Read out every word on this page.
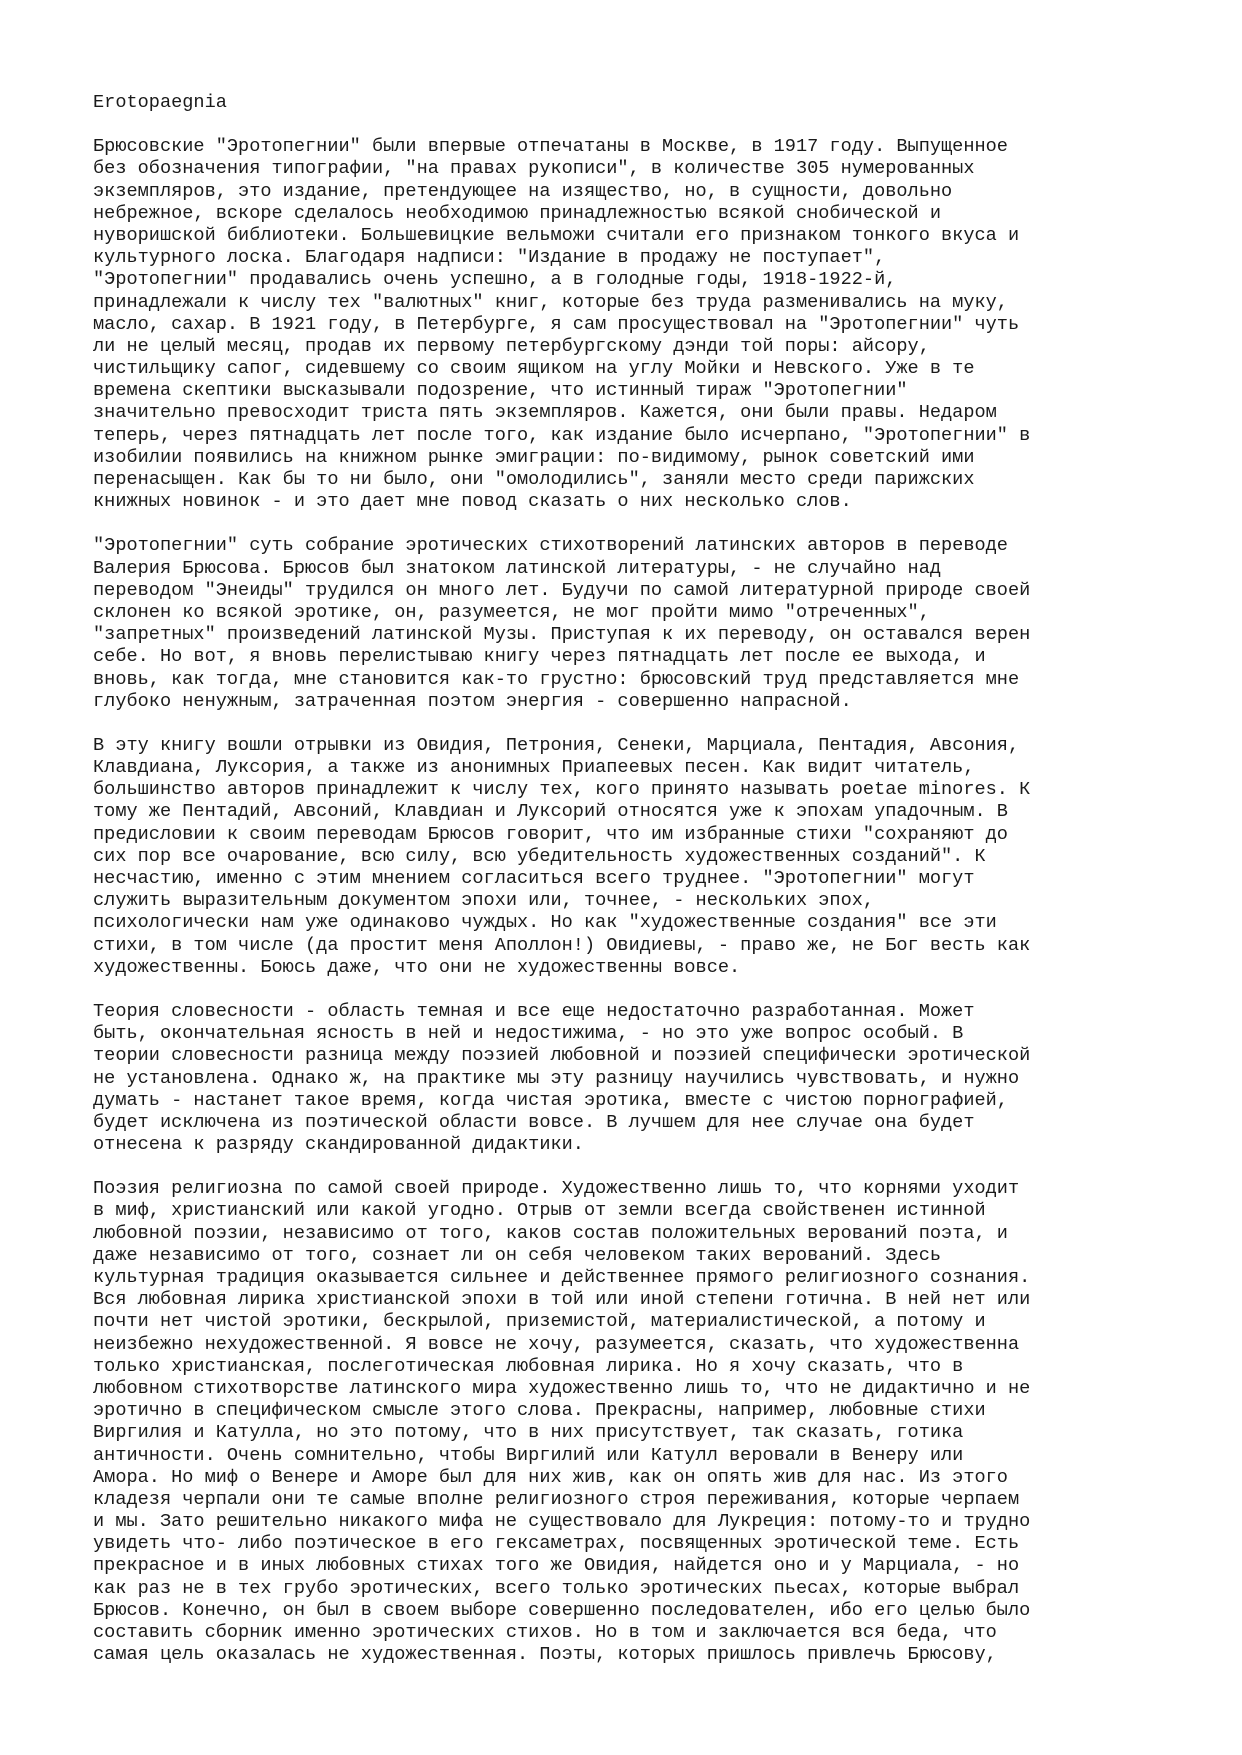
Erotopaegnia
Брюсовские "Эротопегнии" были впервые отпечатаны в Москве, в 1917 году. Выпущенное
без обозначения типографии, "на правах рукописи", в количестве 305 нумерованных
экземпляров, это издание, претендующее на изящество, но, в сущности, довольно
небрежное, вскоре сделалось необходимою принадлежностью всякой снобической и
нуворишской библиотеки. Большевицкие вельможи считали его признаком тонкого вкуса и
культурного лоска. Благодаря надписи: "Издание в продажу не поступает",
"Эротопегнии" продавались очень успешно, а в голодные годы, 1918-1922-й,
принадлежали к числу тех "валютных" книг, которые без труда разменивались на муку,
масло, сахар. В 1921 году, в Петербурге, я сам просуществовал на "Эротопегнии" чуть
ли не целый месяц, продав их первому петербургскому дэнди той поры: айсору,
чистильщику сапог, сидевшему со своим ящиком на углу Мойки и Невского. Уже в те
времена скептики высказывали подозрение, что истинный тираж "Эротопегнии"
значительно превосходит триста пять экземпляров. Кажется, они были правы. Недаром
теперь, через пятнадцать лет после того, как издание было исчерпано, "Эротопегнии" в
изобилии появились на книжном рынке эмиграции: по-видимому, рынок советский ими
перенасыщен. Как бы то ни было, они "омолодились", заняли место среди парижских
книжных новинок - и это дает мне повод сказать о них несколько слов.
"Эротопегнии" суть собрание эротических стихотворений латинских авторов в переводе
Валерия Брюсова. Брюсов был знатоком латинской литературы, - не случайно над
переводом "Энеиды" трудился он много лет. Будучи по самой литературной природе своей
склонен ко всякой эротике, он, разумеется, не мог пройти мимо "отреченных",
"запретных" произведений латинской Музы. Приступая к их переводу, он оставался верен
себе. Но вот, я вновь перелистываю книгу через пятнадцать лет после ее выхода, и
вновь, как тогда, мне становится как-то грустно: брюсовский труд представляется мне
глубоко ненужным, затраченная поэтом энергия - совершенно напрасной.
В эту книгу вошли отрывки из Овидия, Петрония, Сенеки, Марциала, Пентадия, Авсония,
Клавдиана, Луксория, а также из анонимных Приапеевых песен. Как видит читатель,
большинство авторов принадлежит к числу тех, кого принято называть poetae minores. К
тому же Пентадий, Авсоний, Клавдиан и Луксорий относятся уже к эпохам упадочным. В
предисловии к своим переводам Брюсов говорит, что им избранные стихи "сохраняют до
сих пор все очарование, всю силу, всю убедительность художественных созданий". К
несчастию, именно с этим мнением согласиться всего труднее. "Эротопегнии" могут
служить выразительным документом эпохи или, точнее, - нескольких эпох,
психологически нам уже одинаково чуждых. Но как "художественные создания" все эти
стихи, в том числе (да простит меня Аполлон!) Овидиевы, - право же, не Бог весть как
художественны. Боюсь даже, что они не художественны вовсе.
Теория словесности - область темная и все еще недостаточно разработанная. Может
быть, окончательная ясность в ней и недостижима, - но это уже вопрос особый. В
теории словесности разница между поэзией любовной и поэзией специфически эротической
не установлена. Однако ж, на практике мы эту разницу научились чувствовать, и нужно
думать - настанет такое время, когда чистая эротика, вместе с чистою порнографией,
будет исключена из поэтической области вовсе. В лучшем для нее случае она будет
отнесена к разряду скандированной дидактики.
Поэзия религиозна по самой своей природе. Художественно лишь то, что корнями уходит
в миф, христианский или какой угодно. Отрыв от земли всегда свойственен истинной
любовной поэзии, независимо от того, каков состав положительных верований поэта, и
даже независимо от того, сознает ли он себя человеком таких верований. Здесь
культурная традиция оказывается сильнее и действеннее прямого религиозного сознания.
Вся любовная лирика христианской эпохи в той или иной степени готична. В ней нет или
почти нет чистой эротики, бескрылой, приземистой, материалистической, а потому и
неизбежно нехудожественной. Я вовсе не хочу, разумеется, сказать, что художественна
только христианская, послеготическая любовная лирика. Но я хочу сказать, что в
любовном стихотворстве латинского мира художественно лишь то, что не дидактично и не
эротично в специфическом смысле этого слова. Прекрасны, например, любовные стихи
Виргилия и Катулла, но это потому, что в них присутствует, так сказать, готика
античности. Очень сомнительно, чтобы Виргилий или Катулл веровали в Венеру или
Амора. Но миф о Венере и Аморе был для них жив, как он опять жив для нас. Из этого
кладезя черпали они те самые вполне религиозного строя переживания, которые черпаем
и мы. Зато решительно никакого мифа не существовало для Лукреция: потому-то и трудно
увидеть что- либо поэтическое в его гексаметрах, посвященных эротической теме. Есть
прекрасное и в иных любовных стихах того же Овидия, найдется оно и у Марциала, - но
как раз не в тех грубо эротических, всего только эротических пьесах, которые выбрал
Брюсов. Конечно, он был в своем выборе совершенно последователен, ибо его целью было
составить сборник именно эротических стихов. Но в том и заключается вся беда, что
самая цель оказалась не художественная. Поэты, которых пришлось привлечь Брюсову,
